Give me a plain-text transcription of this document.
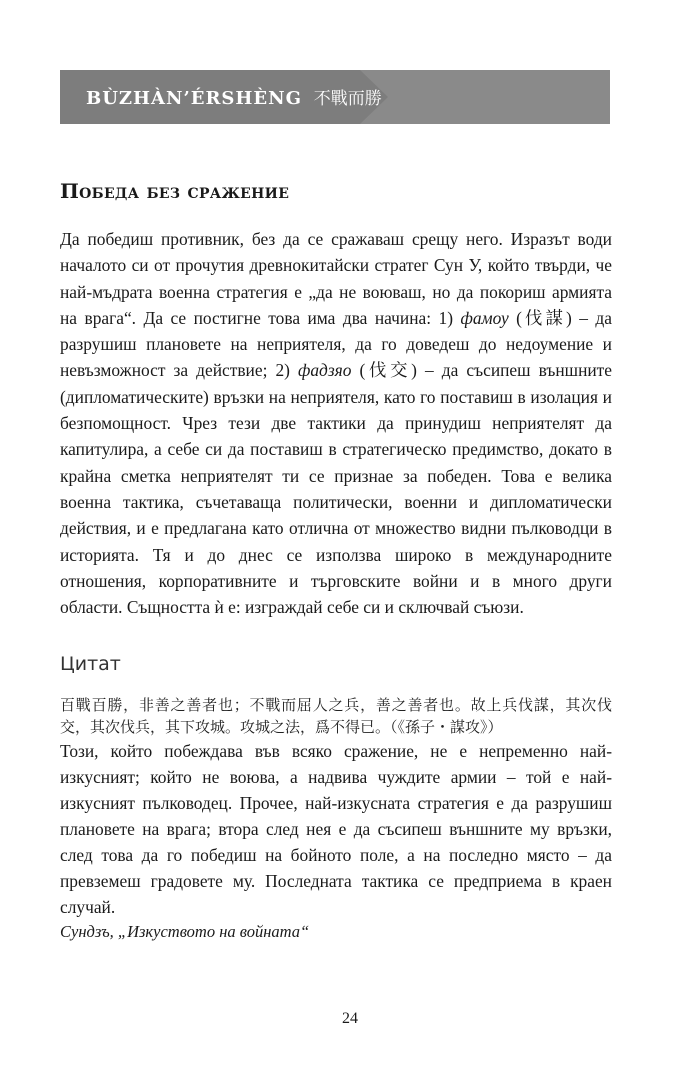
BÙZHÀN’ÉRSHÈNG 不戰而勝
Победа без сражение

Да победиш противник, без да се сражаваш срещу него. Изразът води началото си от прочутия древнокитайски стратег Сун У, който твърди, че най-мъдрата военна стратегия е „да не воюваш, но да покориш армията на врага“. Да се постигне това има два начина: 1) фамоу (伐謀) – да разрушиш плановете на неприятеля, да го доведеш до недоумение и невъзможност за действие; 2) фадзяо (伐交) – да съсипеш външните (дипломатическите) връзки на неприятеля, като го поставиш в изолация и безпомощност. Чрез тези две тактики да принудиш неприятелят да капитулира, а себе си да поставиш в стратегическо предимство, докато в крайна сметка неприятелят ти се признае за победен. Това е велика военна тактика, съчетаваща политически, военни и дипломатически действия, и е предлагана като отлична от множество видни пълководци в историята. Тя и до днес се използва широко в международните отношения, корпоративните и търговските войни и в много други области. Същността ѝ е: изграждай себе си и сключвай съюзи.

Цитат

百戰百勝，非善之善者也；不戰而屈人之兵，善之善者也。故上兵伐謀，其次伐交，其次伐兵，其下攻城。攻城之法，爲不得已。（《孫子・謀攻》）

Този, който побеждава във всяко сражение, не е непременно най-изкусният; който не воюва, а надвива чуждите армии – той е най-изкусният пълководец. Прочее, най-изкусната стратегия е да разрушиш плановете на врага; втора след нея е да съсипеш външните му връзки, след това да го победиш на бойното поле, а на последно място – да превземеш градовете му. Последната тактика се предприема в краен случай.

Сундзъ, „Изкуството на войната“

24
